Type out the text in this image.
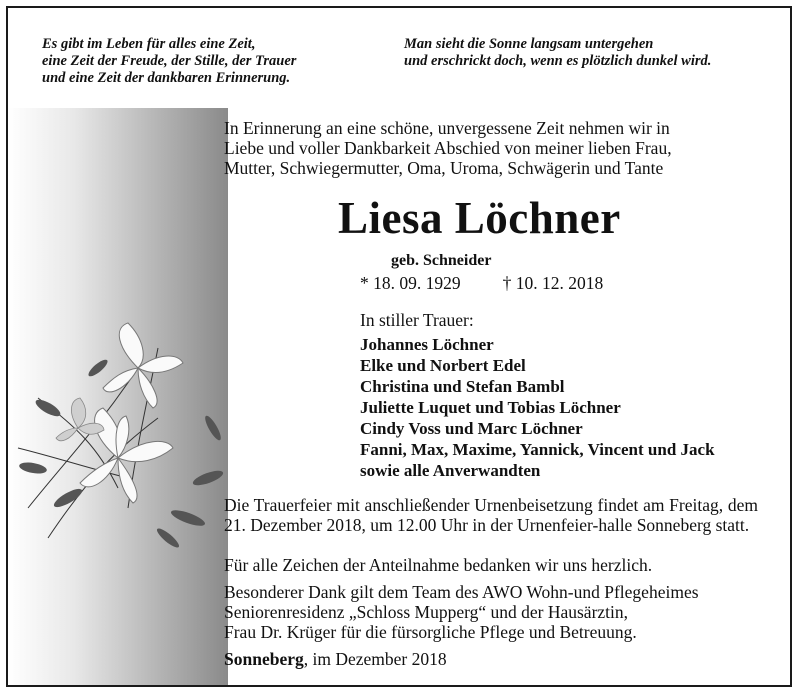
Es gibt im Leben für alles eine Zeit,
eine Zeit der Freude, der Stille, der Trauer
und eine Zeit der dankbaren Erinnerung.
Man sieht die Sonne langsam untergehen
und erschrickt doch, wenn es plötzlich dunkel wird.
In Erinnerung an eine schöne, unvergessene Zeit nehmen wir in
Liebe und voller Dankbarkeit Abschied von meiner lieben Frau,
Mutter, Schwiegermutter, Oma, Uroma, Schwägerin und Tante
Liesa Löchner
geb. Schneider
* 18. 09. 1929 † 10. 12. 2018
In stiller Trauer:
Johannes Löchner
Elke und Norbert Edel
Christina und Stefan Bambl
Juliette Luquet und Tobias Löchner
Cindy Voss und Marc Löchner
Fanni, Max, Maxime, Yannick, Vincent und Jack
sowie alle Anverwandten
Die Trauerfeier mit anschließender Urnenbeisetzung findet am Freitag, dem 21. Dezember 2018, um 12.00 Uhr in der Urnenfeier-halle Sonneberg statt.
Für alle Zeichen der Anteilnahme bedanken wir uns herzlich.
Besonderer Dank gilt dem Team des AWO Wohn-und Pflegeheimes
Seniorenresidenz „Schloss Mupperg“ und der Hausärztin,
Frau Dr. Krüger für die fürsorgliche Pflege und Betreuung.
Sonneberg, im Dezember 2018
